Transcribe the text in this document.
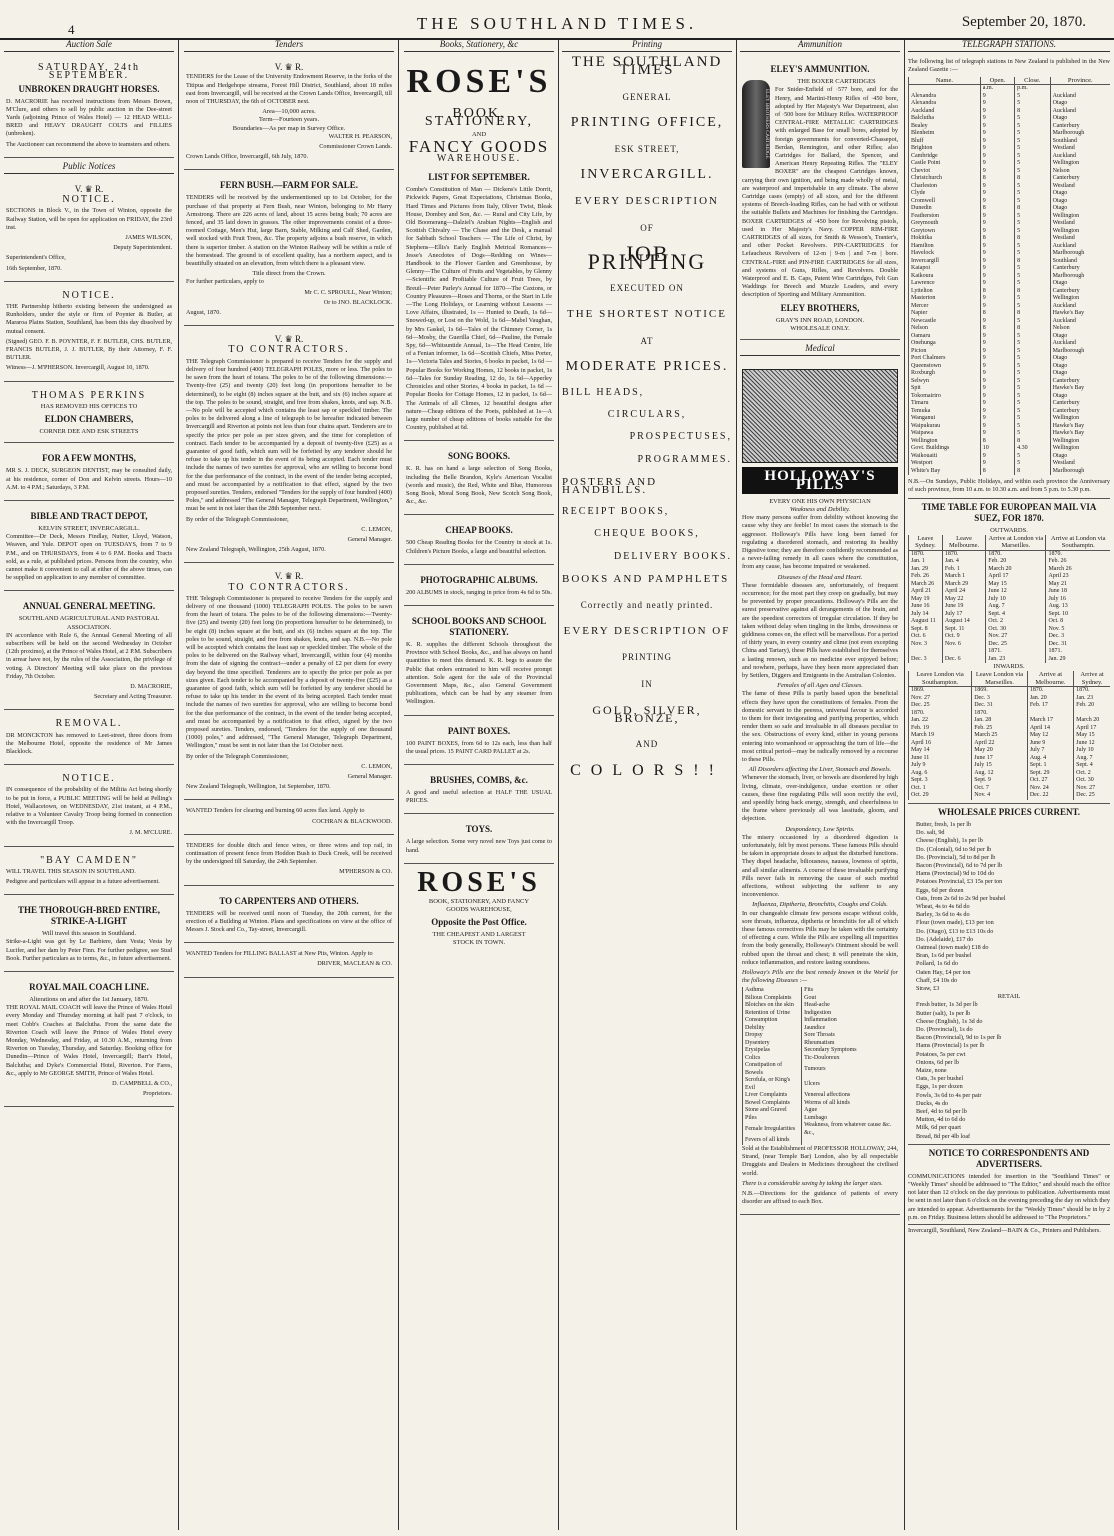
4	THE SOUTHLAND TIMES.	September 20, 1870.
Auction Sale
SATURDAY, 24th SEPTEMBER.
UNBROKEN DRAUGHT HORSES.

D. MACRORIE has received instructions from Messrs Brown, M'Clure, and others to sell by public auction in the Dee-street Yards (adjoining Prince of Wales Hotel) — 12 HEAD WELL-BRED and HEAVY DRAUGHT COLTS and FILLIES (unbroken).

The Auctioneer can recommend the above to teamsters and others.

Public Notices
V. ♛ R.
NOTICE.

SECTIONS in Block V., in the Town of Winton, opposite the Railway Station, will be open for application on FRIDAY, the 23rd inst.

JAMES WILSON,

Deputy Superintendent.

Superintendent's Office,

16th September, 1870.

NOTICE.

THE Partnership hitherto existing between the undersigned as Runholders, under the style or firm of Poynter & Butler, at Mararoa Plains Station, Southland, has been this day dissolved by mutual consent.

(Signed) GEO. F. B. POYNTER, F. F. BUTLER, CHS. BUTLER, FRANCIS BUTLER, J. J. BUTLER, By their Attorney, F. F. BUTLER.

Witness—J. M'PHERSON. Invercargill, August 10, 1870.

THOMAS PERKINS
HAS REMOVED HIS OFFICES TO
ELDON CHAMBERS,
CORNER DEE AND ESK STREETS
FOR A FEW MONTHS,

MR S. J. DECK, SURGEON DENTIST, may be consulted daily, at his residence, corner of Don and Kelvin streets. Hours—10 A.M. to 4 P.M.; Saturdays, 3 P.M.

BIBLE AND TRACT DEPOT,
KELVIN STREET, INVERCARGILL.

Committee—Dr Deck, Messrs Findlay, Nutter, Lloyd, Watson, Weaven, and Yule. DEPOT open on TUESDAYS, from 7 to 9 P.M., and on THURSDAYS, from 4 to 6 P.M. Books and Tracts sold, as a rule, at published prices. Persons from the country, who cannot make it convenient to call at either of the above times, can be supplied on application to any member of committee.

ANNUAL GENERAL MEETING.
SOUTHLAND AGRICULTURAL AND PASTORAL ASSOCIATION.

IN accordance with Rule 6, the Annual General Meeting of all subscribers will be held on the second Wednesday in October (12th proximo), at the Prince of Wales Hotel, at 2 P.M. Subscribers in arrear have not, by the rules of the Association, the privilege of voting. A Directors' Meeting will take place on the previous Friday, 7th October.

D. MACRORIE,

Secretary and Acting Treasurer.

REMOVAL.

DR MONCKTON has removed to Leet-street, three doors from the Melbourne Hotel, opposite the residence of Mr James Blacklock.

NOTICE.

IN consequence of the probability of the Militia Act being shortly to be put in force, a PUBLIC MEETING will be held at Pelling's Hotel, Wallacetown, on WEDNESDAY, 21st instant, at 4 P.M., relative to a Volunteer Cavalry Troop being formed in connection with the Invercargill Troop.

J. M. M'CLURE.

"BAY CAMDEN"

WILL TRAVEL THIS SEASON IN SOUTHLAND.

Pedigree and particulars will appear in a future advertisement.

THE THOROUGH-BRED ENTIRE, STRIKE-A-LIGHT
Will travel this season in Southland.

Strike-a-Light was got by Le Barbiere, dam Vesta; Vesta by Lucifer, and her dam by Peter Finn. For further pedigree, see Stud Book. Further particulars as to terms, &c., in future advertisement.

ROYAL MAIL COACH LINE.
Alterations on and after the 1st January, 1870.

THE ROYAL MAIL COACH will leave the Prince of Wales Hotel every Monday and Thursday morning at half past 7 o'clock, to meet Cobb's Coaches at Balclutha. From the same date the Riverton Coach will leave the Prince of Wales Hotel every Monday, Wednesday, and Friday, at 10.30 A.M., returning from Riverton on Tuesday, Thursday, and Saturday. Booking office for Dunedin—Prince of Wales Hotel, Invercargill; Barr's Hotel, Balclutha; and Dyke's Commercial Hotel, Riverton. For Fares, &c., apply to Mr GEORGE SMITH, Prince of Wales Hotel.

D. CAMPBELL & CO.,

Proprietors.

Tenders
V. ♛ R.

TENDERS for the Lease of the University Endowment Reserve, in the forks of the Titipua and Hedgehope streams, Forest Hill District, Southland, about 18 miles east from Invercargill, will be received at the Crown Lands Office, Invercargill, till noon of THURSDAY, the 6th of OCTOBER next.

Area—10,000 acres.
Term—Fourteen years.
Boundaries—As per map in Survey Office.

WALTER H. PEARSON,

Commissioner Crown Lands.

Crown Lands Office, Invercargill, 6th July, 1870.

FERN BUSH.—FARM FOR SALE.

TENDERS will be received by the undermentioned up to 1st October, for the purchase of that property at Fern Bush, near Winton, belonging to Mr Harry Armstrong. There are 226 acres of land, about 15 acres being bush; 70 acres are fenced, and 35 laid down in grasses. The other improvements consist of a three-roomed Cottage, Men's Hut, large Barn, Stable, Milking and Calf Shed, Garden, well stocked with Fruit Trees, &c. The property adjoins a bush reserve, in which there is superior timber. A station on the Winton Railway will be within a mile of the homestead. The ground is of excellent quality, has a northern aspect, and is beautifully situated on an elevation, from which there is a pleasant view.

Title direct from the Crown.

For further particulars, apply to

Mr C. C. SPROULL, Near Winton;

Or to JNO. BLACKLOCK.

August, 1870.

V. ♛ R.
TO CONTRACTORS.

THE Telegraph Commissioner is prepared to receive Tenders for the supply and delivery of four hundred (400) TELEGRAPH POLES, more or less. The poles to be sawn from the heart of totara. The poles to be of the following dimensions:—Twenty-five (25) and twenty (20) feet long (in proportions hereafter to be determined), to be eight (8) inches square at the butt, and six (6) inches square at the top. The poles to be sound, straight, and free from shakes, knots, and sap. N.B.—No pole will be accepted which contains the least sap or speckled timber. The poles to be delivered along a line of telegraph to be hereafter indicated between Invercargill and Riverton at points not less than four chains apart. Tenderers are to specify the price per pole as per sizes given, and the time for completion of contract. Each tender to be accompanied by a deposit of twenty-five (£25) as a guarantee of good faith, which sum will be forfeited by any tenderer should he refuse to take up his tender in the event of its being accepted. Each tender must include the names of two sureties for approval, who are willing to become bond for the due performance of the contract, in the event of the tender being accepted, and must be accompanied by a notification to that effect, signed by the two proposed sureties. Tenders, endorsed "Tenders for the supply of four hundred (400) Poles," and addressed "The General Manager, Telegraph Department, Wellington," must be sent in not later than the 28th September next.

By order of the Telegraph Commissioner,

C. LEMON,

General Manager.

New Zealand Telegraph, Wellington, 25th August, 1870.

V. ♛ R.
TO CONTRACTORS.

THE Telegraph Commissioner is prepared to receive Tenders for the supply and delivery of one thousand (1000) TELEGRAPH POLES. The poles to be sawn from the heart of totara. The poles to be of the following dimensions:—Twenty-five (25) and twenty (20) feet long (in proportions hereafter to be determined), to be eight (8) inches square at the butt, and six (6) inches square at the top. The poles to be sound, straight, and free from shakes, knots, and sap. N.B.—No pole will be accepted which contains the least sap or speckled timber. The whole of the poles to be delivered on the Railway wharf, Invercargill, within four (4) months from the date of signing the contract—under a penalty of £2 per diem for every day beyond the time specified. Tenderers are to specify the price per pole as per sizes given. Each tender to be accompanied by a deposit of twenty-five (£25) as a guarantee of good faith, which sum will be forfeited by any tenderer should he refuse to take up his tender in the event of its being accepted. Each tender must include the names of two sureties for approval, who are willing to become bond for the due performance of the contract, in the event of the tender being accepted, and must be accompanied by a notification to that effect, signed by the two proposed sureties. Tenders, endorsed, "Tenders for the supply of one thousand (1000) poles," and addressed, "The General Manager, Telegraph Department, Wellington," must be sent in not later than the 1st October next.

By order of the Telegraph Commissioner,

C. LEMON,

General Manager.

New Zealand Telegraph, Wellington, 1st September, 1870.

WANTED Tenders for clearing and burning 60 acres flax land. Apply to

COCHRAN & BLACKWOOD.

TENDERS for double ditch and fence wires, or three wires and top rail, in continuation of present fence from Hoddon Bush to Duck Creek, will be received by the undersigned till Saturday, the 24th September.

M'PHERSON & CO.

TO CARPENTERS AND OTHERS.

TENDERS will be received until noon of Tuesday, the 20th current, for the erection of a Building at Winton. Plans and specifications on view at the office of Messrs J. Stock and Co., Tay-street, Invercargill.

WANTED Tenders for FILLING BALLAST at New Pits, Winton. Apply to

DRIVER, MACLEAN & CO.

Books, Stationery, &c
ROSE'S
BOOK, STATIONERY,
AND
FANCY GOODS
WAREHOUSE.
LIST FOR SEPTEMBER.

Combe's Constitution of Man — Dickens's Little Dorrit, Pickwick Papers, Great Expectations, Christmas Books, Hard Times and Pictures from Italy, Oliver Twist, Bleak House, Dombey and Son, &c. — Rural and City Life, by Old Boomerang—Dalziel's Arabian Nights—English and Scottish Chivalry — The Chase and the Desk, a manual for Sabbath School Teachers — The Life of Christ, by Stephens—Ellis's Early English Metrical Romances—Jesse's Anecdotes of Dogs—Redding on Wines—Handbook to the Flower Garden and Greenhouse, by Glenny—The Culture of Fruits and Vegetables, by Glenny—Scientific and Profitable Culture of Fruit Trees, by Breuil—Peter Parley's Annual for 1870—The Caxtons, or Country Pleasures—Roses and Thorns, or the Start in Life—The Long Holidays, or Learning without Lessons — Love Affairs, illustrated, 1s — Hunted to Death, 1s 6d—Snowed-up, or Lost on the Wold, 1s 6d—Mabel Vaughan, by Mrs Gaskel, 1s 6d—Tales of the Chimney Corner, 1s 6d—Mosby, the Guerilla Chief, 6d—Pauline, the Female Spy, 6d—Whitsuntide Annual, 1s—The Head Centre, life of a Fenian informer, 1s 6d—Scottish Chiefs, Miss Porter, 1s—Victoria Tales and Stories, 6 books in packet, 1s 6d — Popular Books for Working Homes, 12 books in packet, 1s 6d—Tales for Sunday Reading, 12 do, 1s 6d—Apperley Chronicles and other Stories, 4 books in packet, 1s 6d — Popular Books for Cottage Homes, 12 in packet, 1s 6d—The Animals of all Climes, 12 beautiful designs after nature—Cheap editions of the Poets, published at 1s—A large number of cheap editions of books suitable for the Country, published at 6d.

SONG BOOKS.

K. R. has on hand a large selection of Song Books, including the Belle Brandon, Kyle's American Vocalist (words and music), the Red, White and Blue, Humorous Song Book, Moral Song Book, New Scotch Song Book, &c., &c.

CHEAP BOOKS.

500 Cheap Reading Books for the Country in stock at 1s. Children's Picture Books, a large and beautiful selection.

PHOTOGRAPHIC ALBUMS.

200 ALBUMS in stock, ranging in price from 4s 6d to 50s.

SCHOOL BOOKS AND SCHOOL STATIONERY.

K. R. supplies the different Schools throughout the Province with School Books, &c., and has always on hand quantities to meet this demand. K. R. begs to assure the Public that orders entrusted to him will receive prompt attention. Sole agent for the sale of the Provincial Government Maps, &c., also General Government publications, which can be had by any steamer from Wellington.

PAINT BOXES.

100 PAINT BOXES, from 6d to 12s each, less than half the usual prices. 15 PAINT CARD PALLET at 2s.

BRUSHES, COMBS, &c.

A good and useful selection at HALF THE USUAL PRICES.

TOYS.

A large selection. Some very novel new Toys just come to hand.

ROSE'S
BOOK, STATIONERY, AND FANCY
GOODS WAREHOUSE,
Opposite the Post Office.
THE CHEAPEST AND LARGEST
STOCK IN TOWN.
Printing
THE SOUTHLAND TIMES
GENERAL
PRINTING OFFICE,
ESK STREET,
INVERCARGILL.
EVERY DESCRIPTION
OF
JOB PRINTING
EXECUTED ON
THE SHORTEST NOTICE
AT
MODERATE PRICES.
BILL HEADS,
CIRCULARS,
PROSPECTUSES,
PROGRAMMES.
POSTERS AND HANDBILLS.
RECEIPT BOOKS,
CHEQUE BOOKS,
DELIVERY BOOKS.
BOOKS AND PAMPHLETS
Correctly and neatly printed.
EVERY DESCRIPTION OF
PRINTING
IN
GOLD, SILVER, BRONZE,
AND
COLORS!!
Ammunition
ELEY'S AMMUNITION.
ELEY BROTHERS CARTRIDGE
THE BOXER CARTRIDGES

For Snider-Enfield of ·577 bore, and for the Henry, and Martini-Henry Rifles of ·450 bore, adopted by Her Majesty's War Department, also of ·500 bore for Military Rifles. WATERPROOF CENTRAL-FIRE METALLIC CARTRIDGES with enlarged Base for small bores, adopted by foreign governments for converted-Chassepot, Berdan, Remington, and other Rifles; also Cartridges for Ballard, the Spencer, and American Henry Repeating Rifles. The "ELEY BOXER" are the cheapest Cartridges known, carrying their own ignition, and being made wholly of metal, are waterproof and imperishable in any climate. The above Cartridge cases (empty) of all sizes, and for the different systems of Breech-loading Rifles, can be had with or without the suitable Bullets and Machines for finishing the Cartridges. BOXER CARTRIDGES of ·450 bore for Revolving pistols, used in Her Majesty's Navy. COPPER RIM-FIRE CARTRIDGES of all sizes, for Smith & Wesson's, Tranter's, and other Pocket Revolvers. PIN-CARTRIDGES for Lefaucheux Revolvers of 12-m | 9-m | and 7-m | bore. CENTRAL-FIRE and PIN-FIRE CARTRIDGES for all sizes, and systems of Guns, Rifles, and Revolvers. Double Waterproof and E. B. Caps, Patent Wire Cartridges, Felt Gun Waddings for Breech and Muzzle Loaders, and every description of Sporting and Military Ammunition.

ELEY BROTHERS,
GRAY'S INN ROAD, LONDON.
WHOLESALE ONLY.
Medical
HOLLOWAY'S PILLS
EVERY ONE HIS OWN PHYSICIAN
Weakness and Debility.

How many persons suffer from debility without knowing the cause why they are feeble! In most cases the stomach is the aggressor. Holloway's Pills have long been famed for regulating a disordered stomach, and restoring its healthy Digestive tone; they are therefore confidently recommended as a never-failing remedy in all cases where the constitution, from any cause, has become impaired or weakened.

Diseases of the Head and Heart.

These formidable diseases are, unfortunately, of frequent occurrence; for the most part they creep on gradually, but may be prevented by proper precautions. Holloway's Pills are the surest preservative against all derangements of the brain, and are the speediest correctors of irregular circulation. If they be taken without delay when tingling in the limbs, drowsiness or giddiness comes on, the effect will be marvellous. For a period of thirty years, in every country and clime (not even excepting China and Tartary), these Pills have established for themselves a lasting renown, such as no medicine ever enjoyed before; and nowhere, perhaps, have they been more appreciated than by Settlers, Diggers and Emigrants in the Australian Colonies.

Females of all Ages and Classes.

The fame of these Pills is partly based upon the beneficial effects they have upon the constitutions of females. From the domestic servant to the peeress, universal favour is accorded to them for their invigorating and purifying properties, which render them so safe and invaluable in all diseases peculiar to the sex. Obstructions of every kind, either in young persons entering into womanhood or approaching the turn of life—the most critical period—may be radically removed by a recourse to these Pills.

All Disorders affecting the Liver, Stomach and Bowels.

Whenever the stomach, liver, or bowels are disordered by high living, climate, over-indulgence, undue exertion or other causes, these fine regulating Pills will soon rectify the evil, and speedily bring back energy, strength, and cheerfulness to the frame where previously all was lassitude, gloom, and dejection.

Despondency, Low Spirits.

The misery occasioned by a disordered digestion is unfortunately, felt by most persons. These famous Pills should be taken in appropriate doses to adjust the disturbed functions. They dispel headache, biliousness, nausea, lowness of spirits, and all similar ailments. A course of these invaluable purifying Pills never fails in removing the cause of such morbid affections, without subjecting the sufferer to any inconvenience.

Influenza, Diptheria, Bronchitis, Coughs and Colds.

In our changeable climate few persons escape without colds, sore throats, influenza, diptheria or bronchitis for all of which these famous correctives Pills may be taken with the certainty of effecting a cure. While the Pills are expelling all impurities from the body generally, Holloway's Ointment should be well rubbed upon the throat and chest; it will penetrate the skin, reduce inflammation, and restore lasting soundness.

Holloway's Pills are the best remedy known in the World for the following Diseases :—

Asthma	Fits
Bilious Complaints	Gout
Blotches on the skin	Head-ache
Retention of Urine	Indigestion
Consumption	Inflammation
Debility	Jaundice
Dropsy	Sore Throats
Dysentery	Rheumatism
Erysipelas	Secondary Symptoms
Colics	Tic-Douloreux
Constipation of Bowels	Tumours
Scrofula, or King's Evil	Ulcers
Liver Complaints	Venereal affections
Bowel Complaints	Worms of all kinds
Stone and Gravel	Ague
Piles	Lumbago
Female Irregularities	Weakness, from whatever cause &c. &c.,
Fevers of all kinds	

Sold at the Establishment of PROFESSOR HOLLOWAY, 244, Strand, (near Temple Bar) London, also by all respectable Druggists and Dealers in Medicines throughout the civilised world.

There is a considerable saving by taking the larger sizes.

N.B.—Directions for the guidance of patients of every disorder are affixed to each Box.

TELEGRAPH STATIONS.

The following list of telegraph stations in New Zealand is published in the New Zealand Gazette :—

Name.	Open.	Close.	Province.
	a.m.	p.m.	
Alexandra	9	5	Auckland
Alexandra	9	5	Otago
Auckland	9	8	Auckland
Balclutha	9	5	Otago
Bealey	9	5	Canterbury
Blenheim	9	5	Marlborough
Bluff	9	5	Southland
Brighton	9	5	Westland
Cambridge	9	5	Auckland
Castle Point	9	5	Wellington
Cheviot	9	5	Nelson
Christchurch	8	8	Canterbury
Charleston	9	5	Westland
Clyde	9	5	Otago
Cromwell	9	5	Otago
Dunedin	8	8	Otago
Featherston	9	5	Wellington
Greymouth	9	5	Westland
Greytown	9	5	Wellington
Hokitika	8	8	Westland
Hamilton	9	5	Auckland
Havelock	9	5	Marlborough
Invercargill	9	8	Southland
Kaiapoi	9	5	Canterbury
Kaikoura	9	5	Marlborough
Lawrence	9	5	Otago
Lyttelton	8	8	Canterbury
Masterton	9	5	Wellington
Mercer	9	5	Auckland
Napier	8	8	Hawke's Bay
Newcastle	9	5	Auckland
Nelson	8	8	Nelson
Oamaru	9	5	Otago
Onehunga	9	5	Auckland
Picton	9	5	Marlborough
Port Chalmers	9	5	Otago
Queenstown	9	5	Otago
Roxburgh	9	5	Otago
Selwyn	9	5	Canterbury
Spit	9	5	Hawke's Bay
Tokomairiro	9	5	Otago
Timaru	9	5	Canterbury
Temuka	9	5	Canterbury
Wanganui	9	5	Wellington
Waipukurau	9	5	Hawke's Bay
Waipawa	9	5	Hawke's Bay
Wellington	8	8	Wellington
Govt. Buildings	10	4.30	Wellington
Waikouaiti	9	5	Otago
Westport	9	5	Westland
White's Bay	8	8	Marlborough

N.B.—On Sundays, Public Holidays, and within each province the Anniversary of such province, from 10 a.m. to 10.30 a.m. and from 5 p.m. to 5.30 p.m.

TIME TABLE FOR EUROPEAN MAIL VIA SUEZ, FOR 1870.
OUTWARDS.
Leave Sydney.	Leave Melbourne.	Arrive at London via Marseilles.	Arrive at London via Southamptn.
1870.	1870.	1870.	1870.
Jan. 1	Jan. 4	Feb. 20	Feb. 26
Jan. 29	Feb. 1	March 20	March 26
Feb. 26	March 1	April 17	April 23
March 26	March 29	May 15	May 21
April 21	April 24	June 12	June 18
May 19	May 22	July 10	July 16
June 16	June 19	Aug. 7	Aug. 13
July 14	July 17	Sept. 4	Sept. 10
August 11	August 14	Oct. 2	Oct. 8
Sept. 8	Sept. 11	Oct. 30	Nov. 5
Oct. 6	Oct. 9	Nov. 27	Dec. 3
Nov. 3	Nov. 6	Dec. 25	Dec. 31
		1871.	1871.
Dec. 3	Dec. 6	Jan. 23	Jan. 29
INWARDS.
Leave London via Southampton.	Leave London via Marseilles.	Arrive at Melbourne.	Arrive at Sydney.
1869.	1869.	1870.	1870.
Nov. 27	Dec. 3	Jan. 20	Jan. 23
Dec. 25	Dec. 31	Feb. 17	Feb. 20
1870.	1870.		
Jan. 22	Jan. 28	March 17	March 20
Feb. 19	Feb. 25	April 14	April 17
March 19	March 25	May 12	May 15
April 16	April 22	June 9	June 12
May 14	May 20	July 7	July 10
June 11	June 17	Aug. 4	Aug. 7
July 9	July 15	Sept. 1	Sept. 4
Aug. 6	Aug. 12	Sept. 29	Oct. 2
Sept. 3	Sept. 9	Oct. 27	Oct. 30
Oct. 1	Oct. 7	Nov. 24	Nov. 27
Oct. 29	Nov. 4	Dec. 22	Dec. 25
WHOLESALE PRICES CURRENT.
Butter, fresh, 1s per lb
Do. salt, 9d
Cheese (English), 1s per lb
Do. (Colonial), 6d to 9d per lb
Do. (Provincial), 5d to 8d per lb
Bacon (Provincial), 6d to 7d per lb
Hams (Provincial) 9d to 10d do
Potatoes Provincial, £3 15s per ton
Eggs, 6d per dozen
Oats, from 2s 6d to 2s 9d per bushel
Wheat, 4s to 4s 6d do
Barley, 3s 6d to 4s do
Flour (town made), £13 per ton
Do. (Otago), £13 to £13 10s do
Do. (Adelaide), £17 do
Oatmeal (town made) £18 do
Bran, 1s 6d per bushel
Pollard, 1s 6d do
Oaten Hay, £4 per ton
Chaff, £4 10s do
Straw, £3
RETAIL
Fresh butter, 1s 3d per lb
Butter (salt), 1s per lb
Cheese (English), 1s 3d do
Do. (Provincial), 1s do
Bacon (Provincial), 9d to 1s per lb
Hams (Provincial) 1s per lb
Potatoes, 5s per cwt
Onions, 6d per lb
Maize, none
Oats, 3s per bushel
Eggs, 1s per dozen
Fowls, 3s 6d to 4s per pair
Ducks, 4s do
Beef, 4d to 6d per lb
Mutton, 4d to 6d do
Milk, 6d per quart
Bread, 8d per 4lb loaf
NOTICE TO CORRESPONDENTS AND ADVERTISERS.

COMMUNICATIONS intended for insertion in the "Southland Times" or "Weekly Times" should be addressed to "The Editor," and should reach the office not later than 12 o'clock on the day previous to publication. Advertisements must be sent in not later than 6 o'clock on the evening preceding the day on which they are intended to appear. Advertisements for the "Weekly Times" should be in by 2 p.m. on Friday. Business letters should be addressed to "The Proprietors."

Invercargill, Southland, New Zealand—BAIN & Co., Printers and Publishers.
